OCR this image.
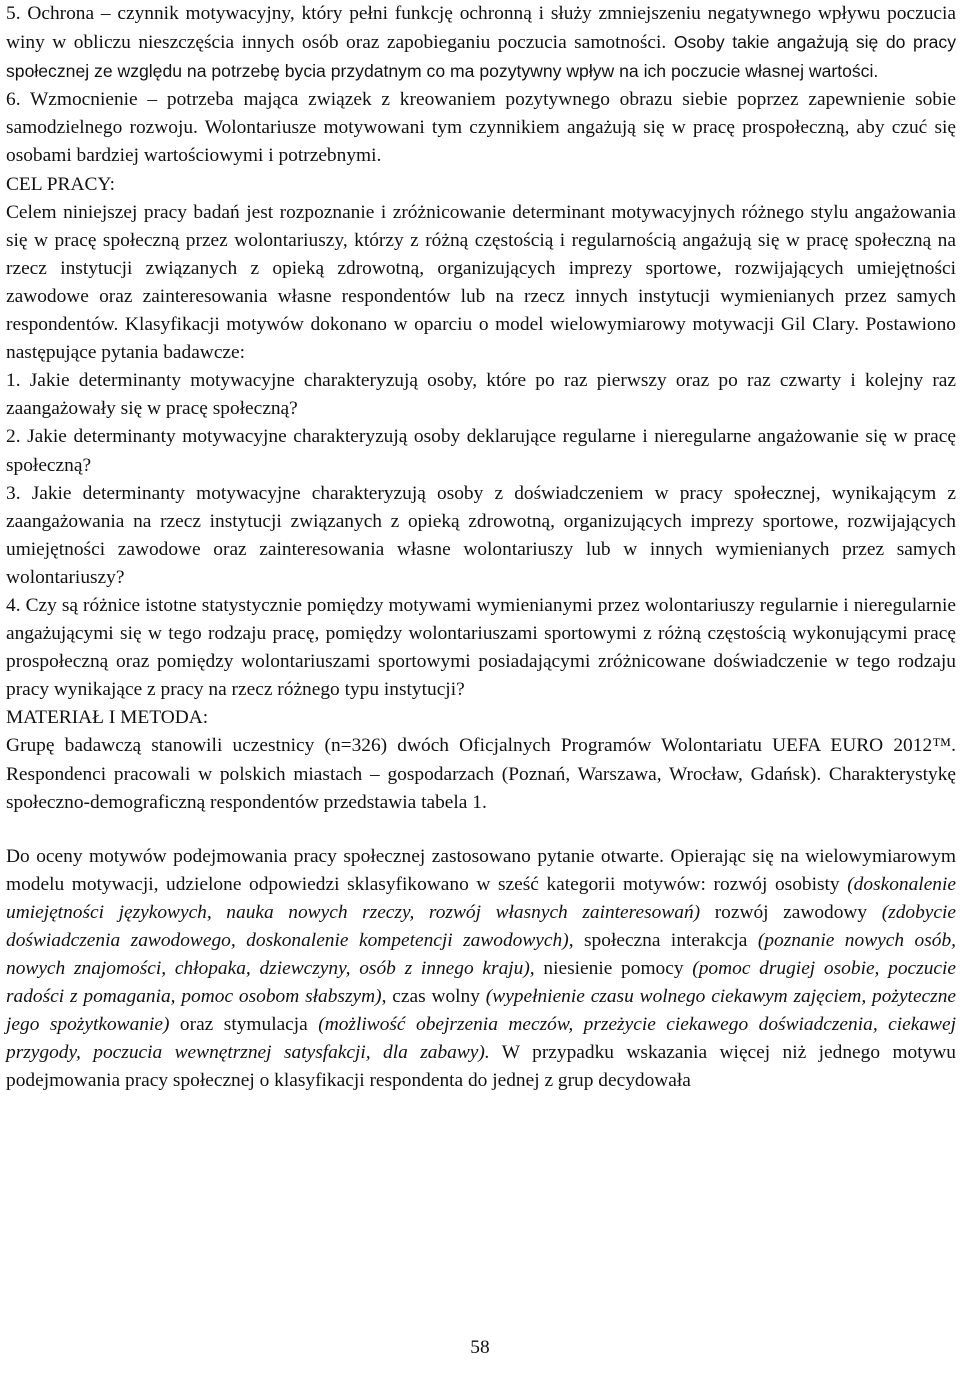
5. Ochrona – czynnik motywacyjny, który pełni funkcję ochronną i służy zmniejszeniu negatywnego wpływu poczucia winy w obliczu nieszczęścia innych osób oraz zapobieganiu poczucia samotności. Osoby takie angażują się do pracy społecznej ze względu na potrzebę bycia przydatnym co ma pozytywny wpływ na ich poczucie własnej wartości.

6. Wzmocnienie – potrzeba mająca związek z kreowaniem pozytywnego obrazu siebie poprzez zapewnienie sobie samodzielnego rozwoju. Wolontariusze motywowani tym czynnikiem angażują się w pracę prospołeczną, aby czuć się osobami bardziej wartościowymi i potrzebnymi.

CEL PRACY:

Celem niniejszej pracy badań jest rozpoznanie i zróżnicowanie determinant motywacyjnych różnego stylu angażowania się w pracę społeczną przez wolontariuszy, którzy z różną częstością i regularnością angażują się w pracę społeczną na rzecz instytucji związanych z opieką zdrowotną, organizujących imprezy sportowe, rozwijających umiejętności zawodowe oraz zainteresowania własne respondentów lub na rzecz innych instytucji wymienianych przez samych respondentów. Klasyfikacji motywów dokonano w oparciu o model wielowymiarowy motywacji Gil Clary. Postawiono następujące pytania badawcze:

1. Jakie determinanty motywacyjne charakteryzują osoby, które po raz pierwszy oraz po raz czwarty i kolejny raz zaangażowały się w pracę społeczną?

2. Jakie determinanty motywacyjne charakteryzują osoby deklarujące regularne i nieregularne angażowanie się w pracę społeczną?

3. Jakie determinanty motywacyjne charakteryzują osoby z doświadczeniem w pracy społecznej, wynikającym z zaangażowania na rzecz instytucji związanych z opieką zdrowotną, organizujących imprezy sportowe, rozwijających umiejętności zawodowe oraz zainteresowania własne wolontariuszy lub w innych wymienianych przez samych wolontariuszy?

4. Czy są różnice istotne statystycznie pomiędzy motywami wymienianymi przez wolontariuszy regularnie i nieregularnie angażującymi się w tego rodzaju pracę, pomiędzy wolontariuszami sportowymi z różną częstością wykonującymi pracę prospołeczną oraz pomiędzy wolontariuszami sportowymi posiadającymi zróżnicowane doświadczenie w tego rodzaju pracy wynikające z pracy na rzecz różnego typu instytucji?

MATERIAŁ I METODA:

Grupę badawczą stanowili uczestnicy (n=326) dwóch Oficjalnych Programów Wolontariatu UEFA EURO 2012™. Respondenci pracowali w polskich miastach – gospodarzach (Poznań, Warszawa, Wrocław, Gdańsk). Charakterystykę społeczno-demograficzną respondentów przedstawia tabela 1.

Do oceny motywów podejmowania pracy społecznej zastosowano pytanie otwarte. Opierając się na wielowymiarowym modelu motywacji, udzielone odpowiedzi sklasyfikowano w sześć kategorii motywów: rozwój osobisty (doskonalenie umiejętności językowych, nauka nowych rzeczy, rozwój własnych zainteresowań) rozwój zawodowy (zdobycie doświadczenia zawodowego, doskonalenie kompetencji zawodowych), społeczna interakcja (poznanie nowych osób, nowych znajomości, chłopaka, dziewczyny, osób z innego kraju), niesienie pomocy (pomoc drugiej osobie, poczucie radości z pomagania, pomoc osobom słabszym), czas wolny (wypełnienie czasu wolnego ciekawym zajęciem, pożyteczne jego spożytkowanie) oraz stymulacja (możliwość obejrzenia meczów, przeżycie ciekawego doświadczenia, ciekawej przygody, poczucia wewnętrznej satysfakcji, dla zabawy). W przypadku wskazania więcej niż jednego motywu podejmowania pracy społecznej o klasyfikacji respondenta do jednej z grup decydowała

58
